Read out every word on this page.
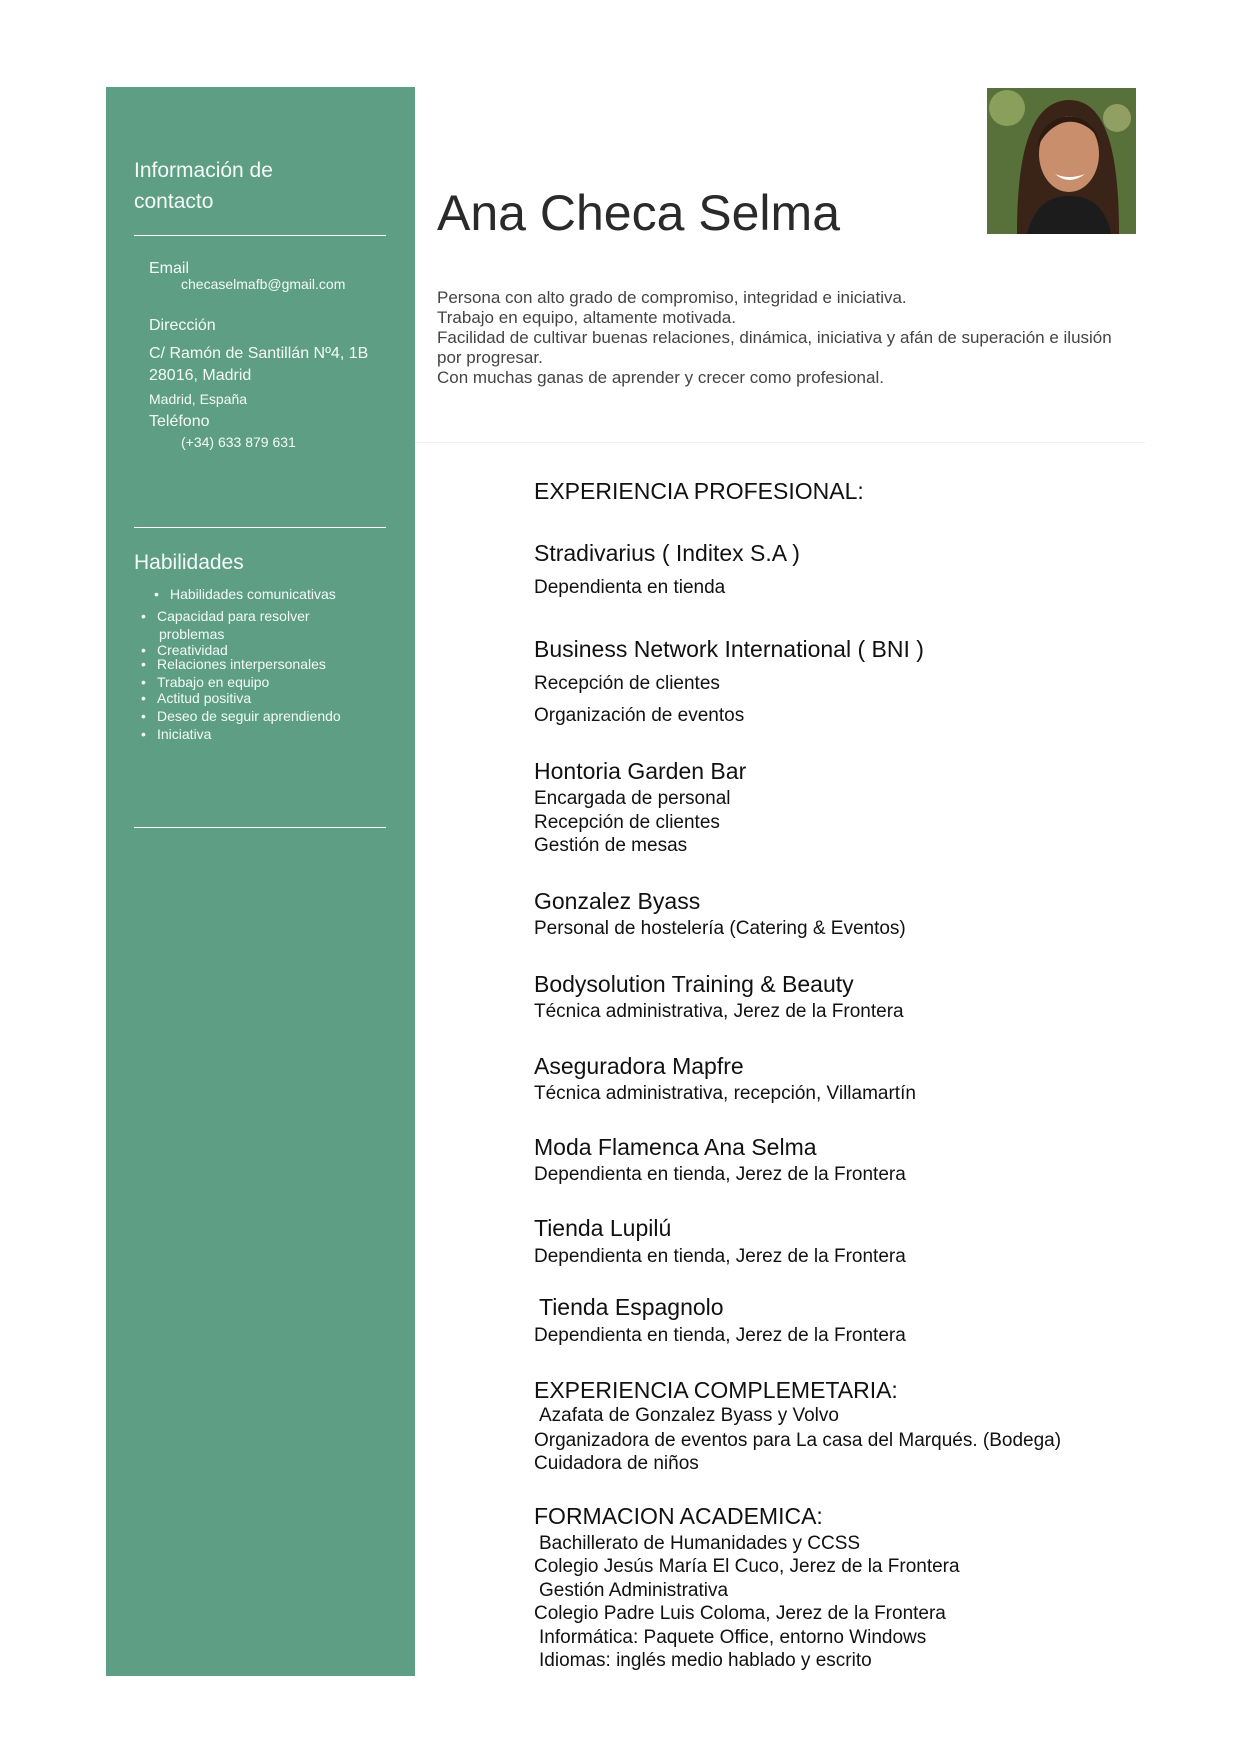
Información de
contacto
Email
checaselmafb@gmail.com
Dirección
C/ Ramón de Santillán Nº4, 1B
28016, Madrid
Madrid, España
Teléfono
(+34) 633 879 631
Habilidades
• Habilidades comunicativas
• Capacidad para resolver
problemas
• Creatividad
• Relaciones interpersonales
• Trabajo en equipo
• Actitud positiva
• Deseo de seguir aprendiendo
• Iniciativa
Ana Checa Selma
Persona con alto grado de compromiso, integridad e iniciativa.
Trabajo en equipo, altamente motivada.
Facilidad de cultivar buenas relaciones, dinámica, iniciativa y afán de superación e ilusión
por progresar.
Con muchas ganas de aprender y crecer como profesional.
EXPERIENCIA PROFESIONAL:
Stradivarius ( Inditex S.A )
Dependienta en tienda
Business Network International ( BNI )
Recepción de clientes
Organización de eventos
Hontoria Garden Bar
Encargada de personal
Recepción de clientes
Gestión de mesas
Gonzalez Byass
Personal de hostelería (Catering & Eventos)
Bodysolution Training & Beauty
Técnica administrativa, Jerez de la Frontera
Aseguradora Mapfre
Técnica administrativa, recepción, Villamartín
Moda Flamenca Ana Selma
Dependienta en tienda, Jerez de la Frontera
Tienda Lupilú
Dependienta en tienda, Jerez de la Frontera
Tienda Espagnolo
Dependienta en tienda, Jerez de la Frontera
EXPERIENCIA COMPLEMETARIA:
Azafata de Gonzalez Byass y Volvo
Organizadora de eventos para La casa del Marqués. (Bodega)
Cuidadora de niños
FORMACION ACADEMICA:
Bachillerato de Humanidades y CCSS
Colegio Jesús María El Cuco, Jerez de la Frontera
Gestión Administrativa
Colegio Padre Luis Coloma, Jerez de la Frontera
Informática: Paquete Office, entorno Windows
Idiomas: inglés medio hablado y escrito
